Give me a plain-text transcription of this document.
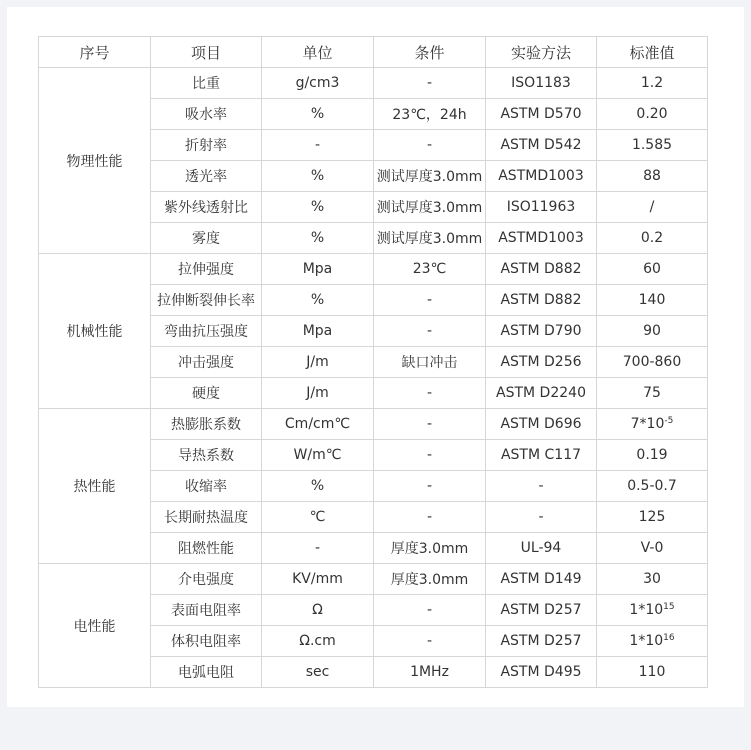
序号	项目	单位	条件	实验方法	标准值
物理性能	比重	g/cm3	-	ISO1183	1.2
	吸水率	%	23℃，24h	ASTM D570	0.20
	折射率	-	-	ASTM D542	1.585
	透光率	%	测试厚度3.0mm	ASTMD1003	88
	紫外线透射比	%	测试厚度3.0mm	ISO11963	/
	雾度	%	测试厚度3.0mm	ASTMD1003	0.2
机械性能	拉伸强度	Mpa	23℃	ASTM D882	60
	拉伸断裂伸长率	%	-	ASTM D882	140
	弯曲抗压强度	Mpa	-	ASTM D790	90
	冲击强度	J/m	缺口冲击	ASTM D256	700-860
	硬度	J/m	-	ASTM D2240	75
热性能	热膨胀系数	Cm/cm℃	-	ASTM D696	$7*10^{-5}$
	导热系数	W/m℃	-	ASTM C117	0.19
	收缩率	%	-	-	0.5-0.7
	长期耐热温度	℃	-	-	125
	阻燃性能	-	厚度3.0mm	UL-94	V-0
电性能	介电强度	KV/mm	厚度3.0mm	ASTM D149	30
	表面电阻率	Ω	-	ASTM D257	$1*10^{15}$
	体积电阻率	Ω.cm	-	ASTM D257	$1*10^{16}$
	电弧电阻	sec	1MHz	ASTM D495	110
